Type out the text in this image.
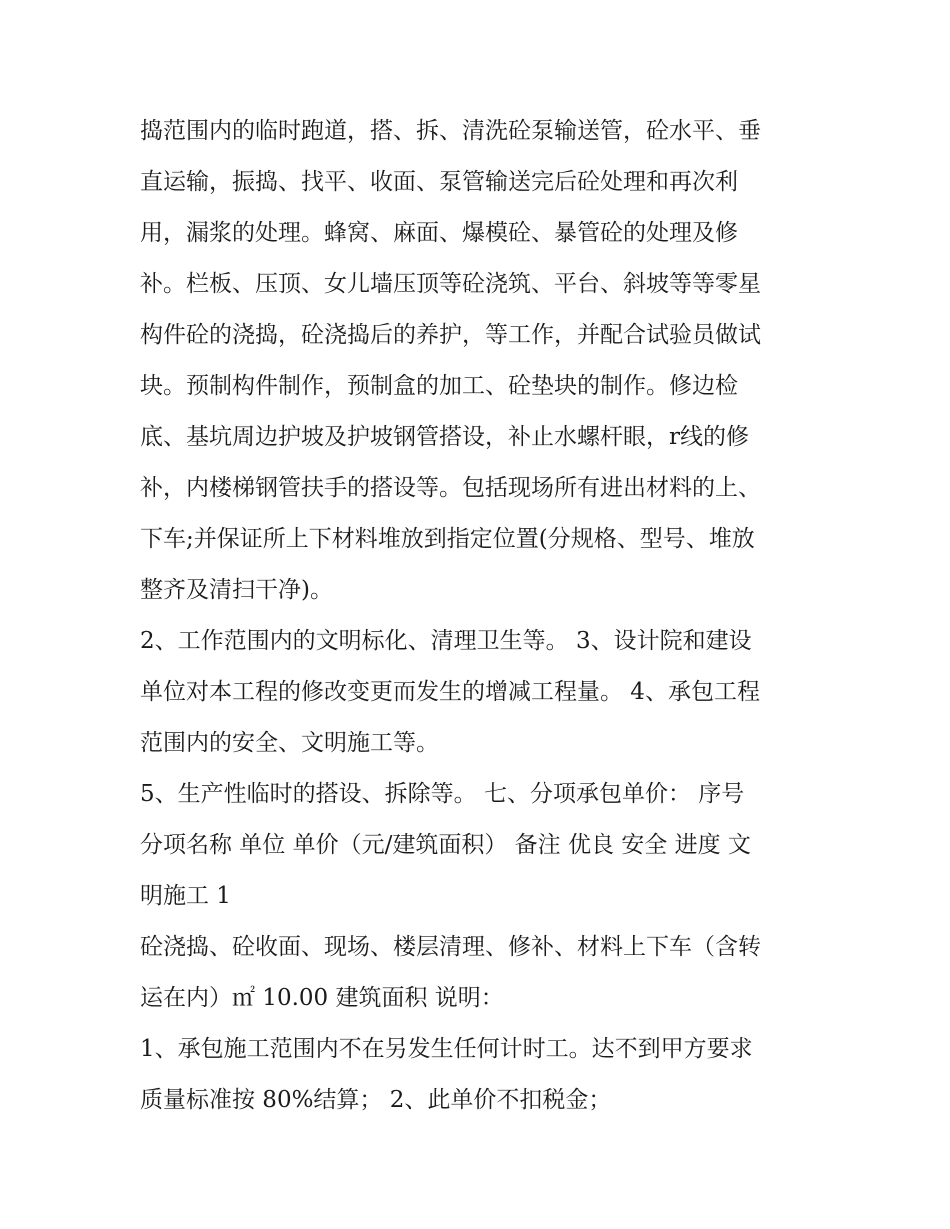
捣范围内的临时跑道，搭、拆、清洗砼泵输送管，砼水平、垂
直运输，振捣、找平、收面、泵管输送完后砼处理和再次利
用，漏浆的处理。蜂窝、麻面、爆模砼、暴管砼的处理及修
补。栏板、压顶、女儿墙压顶等砼浇筑、平台、斜坡等等零星
构件砼的浇捣，砼浇捣后的养护，等工作，并配合试验员做试
块。预制构件制作，预制盒的加工、砼垫块的制作。修边检
底、基坑周边护坡及护坡钢管搭设，补止水螺杆眼，r线的修
补，内楼梯钢管扶手的搭设等。包括现场所有进出材料的上、
下车;并保证所上下材料堆放到指定位置(分规格、型号、堆放
整齐及清扫干净)。
2、工作范围内的文明标化、清理卫生等。 3、设计院和建设
单位对本工程的修改变更而发生的增减工程量。 4、承包工程
范围内的安全、文明施工等。
5、生产性临时的搭设、拆除等。 七、分项承包单价： 序号
分项名称 单位 单价（元/建筑面积） 备注 优良 安全 进度 文
明施工 1
砼浇捣、砼收面、现场、楼层清理、修补、材料上下车（含转
运在内）㎡ 10.00 建筑面积 说明：
1、承包施工范围内不在另发生任何计时工。达不到甲方要求
质量标准按 80%结算； 2、此单价不扣税金；
